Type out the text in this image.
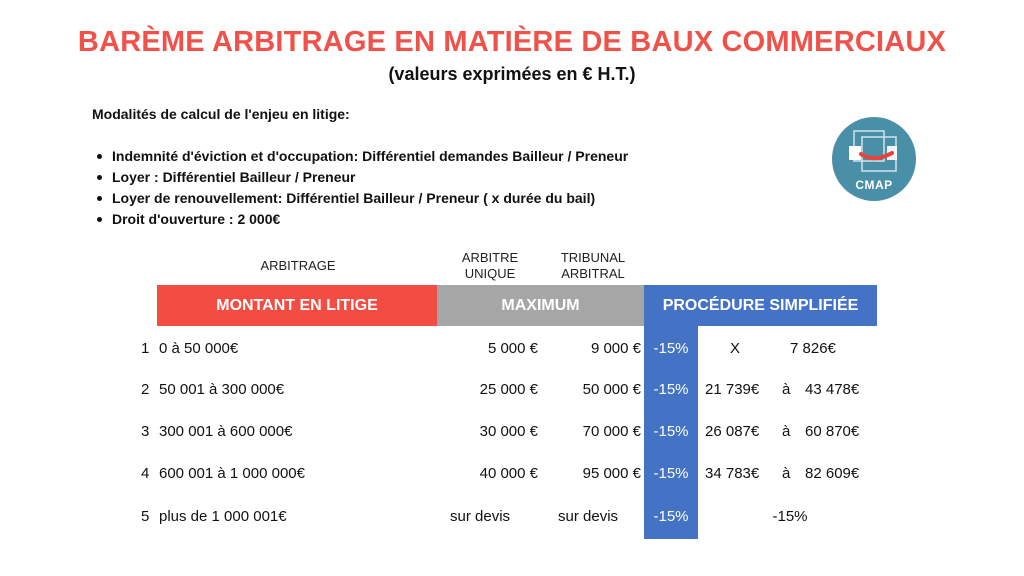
BARÈME ARBITRAGE EN MATIÈRE DE BAUX COMMERCIAUX
(valeurs exprimées en € H.T.)
Modalités de calcul de l'enjeu en litige:
Indemnité d'éviction et d'occupation: Différentiel demandes Bailleur / Preneur
Loyer : Différentiel Bailleur / Preneur
Loyer de renouvellement: Différentiel Bailleur / Preneur ( x durée du bail)
Droit d'ouverture : 2 000€
CMAP
ARBITRAGE
ARBITRE
UNIQUE
TRIBUNAL
ARBITRAL
MONTANT EN LITIGE	MAXIMUM	PROCÉDURE SIMPLIFIÉE
1 0 à 50 000€	5 000 €	9 000 € -15%	X	7 826€
2 50 001 à 300 000€	25 000 €	50 000 € -15%	21 739€ à 43 478€
3 300 001 à 600 000€	30 000 €	70 000 € -15%	26 087€ à 60 870€
4 600 001 à 1 000 000€	40 000 €	95 000 € -15%	34 783€ à 82 609€
5 plus de 1 000 001€	sur devis	sur devis	-15%	-15%
